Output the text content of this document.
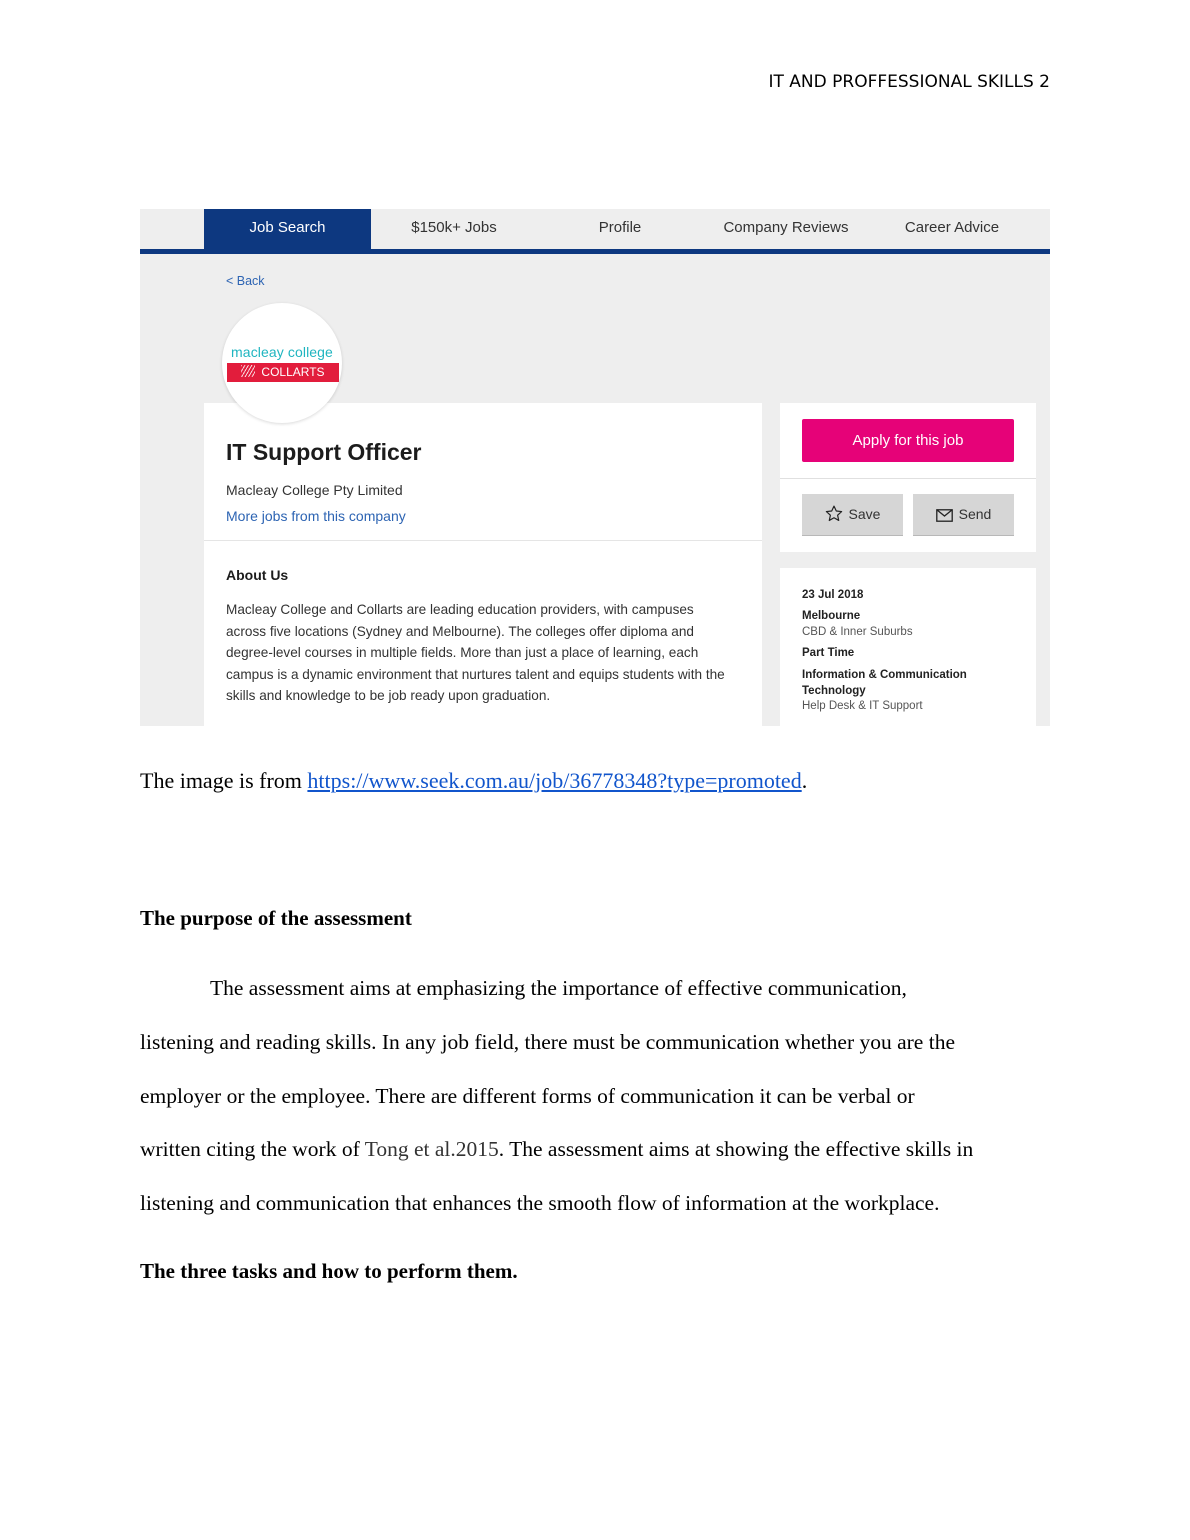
IT AND PROFFESSIONAL SKILLS 2
Job Search	$150k+ Jobs	Profile	Company Reviews	Career Advice
< Back
macleay college
COLLARTS
IT Support Officer
Macleay College Pty Limited
More jobs from this company
About Us
Macleay College and Collarts are leading education providers, with campuses across five locations (Sydney and Melbourne). The colleges offer diploma and degree-level courses in multiple fields. More than just a place of learning, each campus is a dynamic environment that nurtures talent and equips students with the skills and knowledge to be job ready upon graduation.
Apply for this job
Save	Send
23 Jul 2018
Melbourne
CBD & Inner Suburbs
Part Time
Information & Communication
Technology
Help Desk & IT Support
The image is from https://www.seek.com.au/job/36778348?type=promoted.
The purpose of the assessment
The assessment aims at emphasizing the importance of effective communication,
listening and reading skills. In any job field, there must be communication whether you are the
employer or the employee. There are different forms of communication it can be verbal or
written citing the work of Tong et al.2015. The assessment aims at showing the effective skills in
listening and communication that enhances the smooth flow of information at the workplace.
The three tasks and how to perform them.
